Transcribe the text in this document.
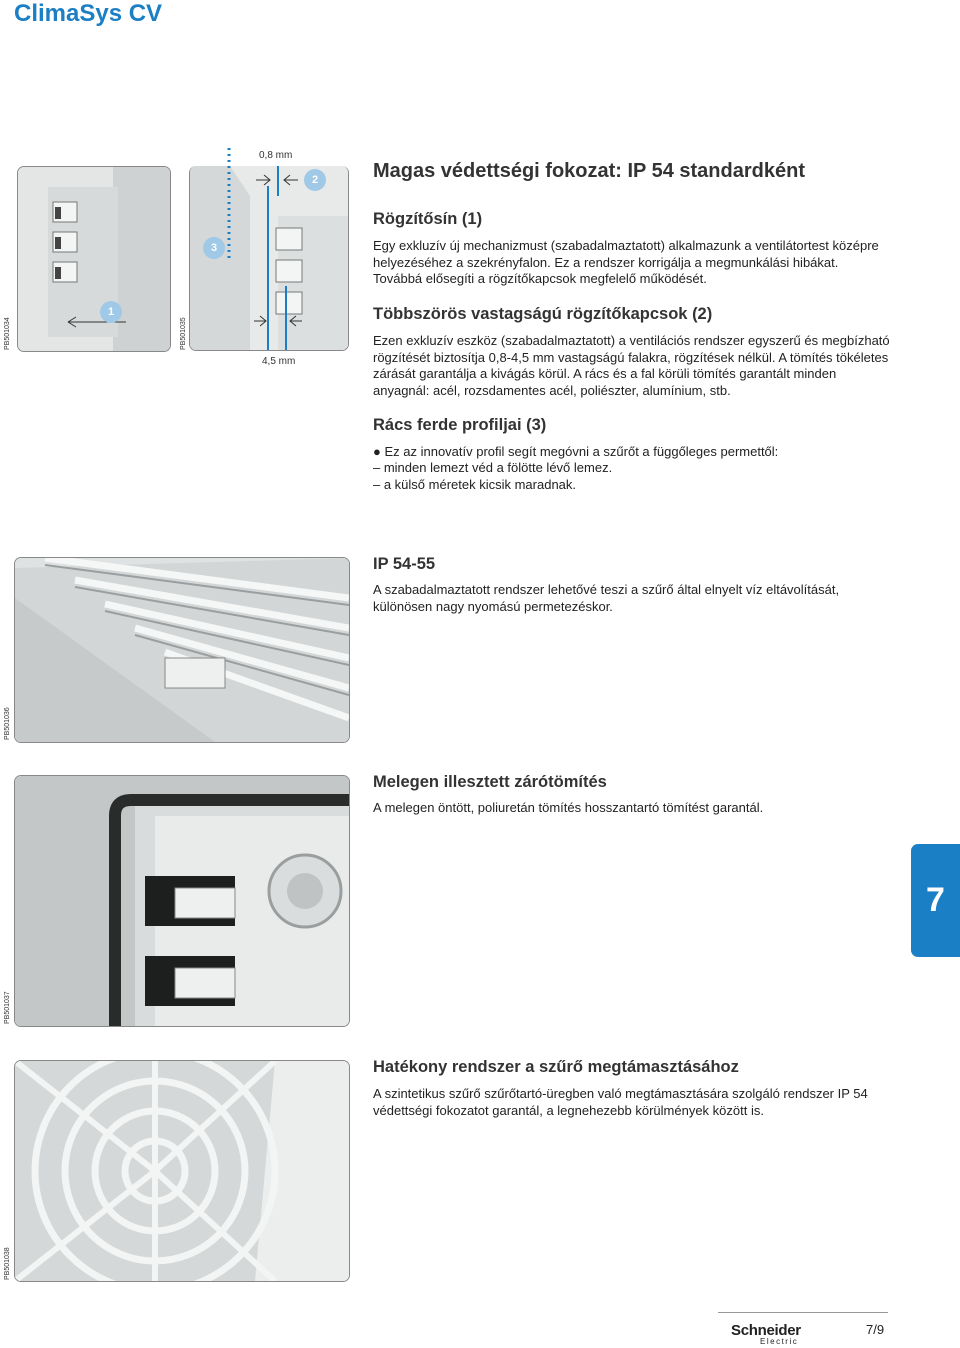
ClimaSys CV
1
PB501034
3
PB501035
0,8 mm
4,5 mm
2	Magas védettségi fokozat: IP 54 standardként
Rögzítősín (1)

Egy exkluzív új mechanizmust (szabadalmaztatott) alkalmazunk a ventilátortest középre helyezéséhez a szekrényfalon. Ez a rendszer korrigálja a megmunkálási hibákat. Továbbá elősegíti a rögzítőkapcsok megfelelő működését.

Többszörös vastagságú rögzítőkapcsok (2)

Ezen exkluzív eszköz (szabadalmaztatott) a ventilációs rendszer egyszerű és megbízható rögzítését biztosítja 0,8-4,5 mm vastagságú falakra, rögzítések nélkül. A tömítés tökéletes zárását garantálja a kivágás körül. A rács és a fal körüli tömítés garantált minden anyagnál: acél, rozsdamentes acél, poliészter, alumínium, stb.

Rács ferde profiljai (3)
● Ez az innovatív profil segít megóvni a szűrőt a függőleges permettől:
– minden lemezt véd a fölötte lévő lemez.
– a külső méretek kicsik maradnak.
PB501036
IP 54-55

A szabadalmaztatott rendszer lehetővé teszi a szűrő által elnyelt víz eltávolítását, különösen nagy nyomású permetezéskor.

PB501037
Melegen illesztett zárótömítés

A melegen öntött, poliuretán tömítés hosszantartó tömítést garantál.

7
PB501038
Hatékony rendszer a szűrő megtámasztásához

A szintetikus szűrő szűrőtartó-üregben való megtámasztására szolgáló rendszer IP 54 védettségi fokozatot garantál, a legnehezebb körülmények között is.

Schneider
Electric
7/9
